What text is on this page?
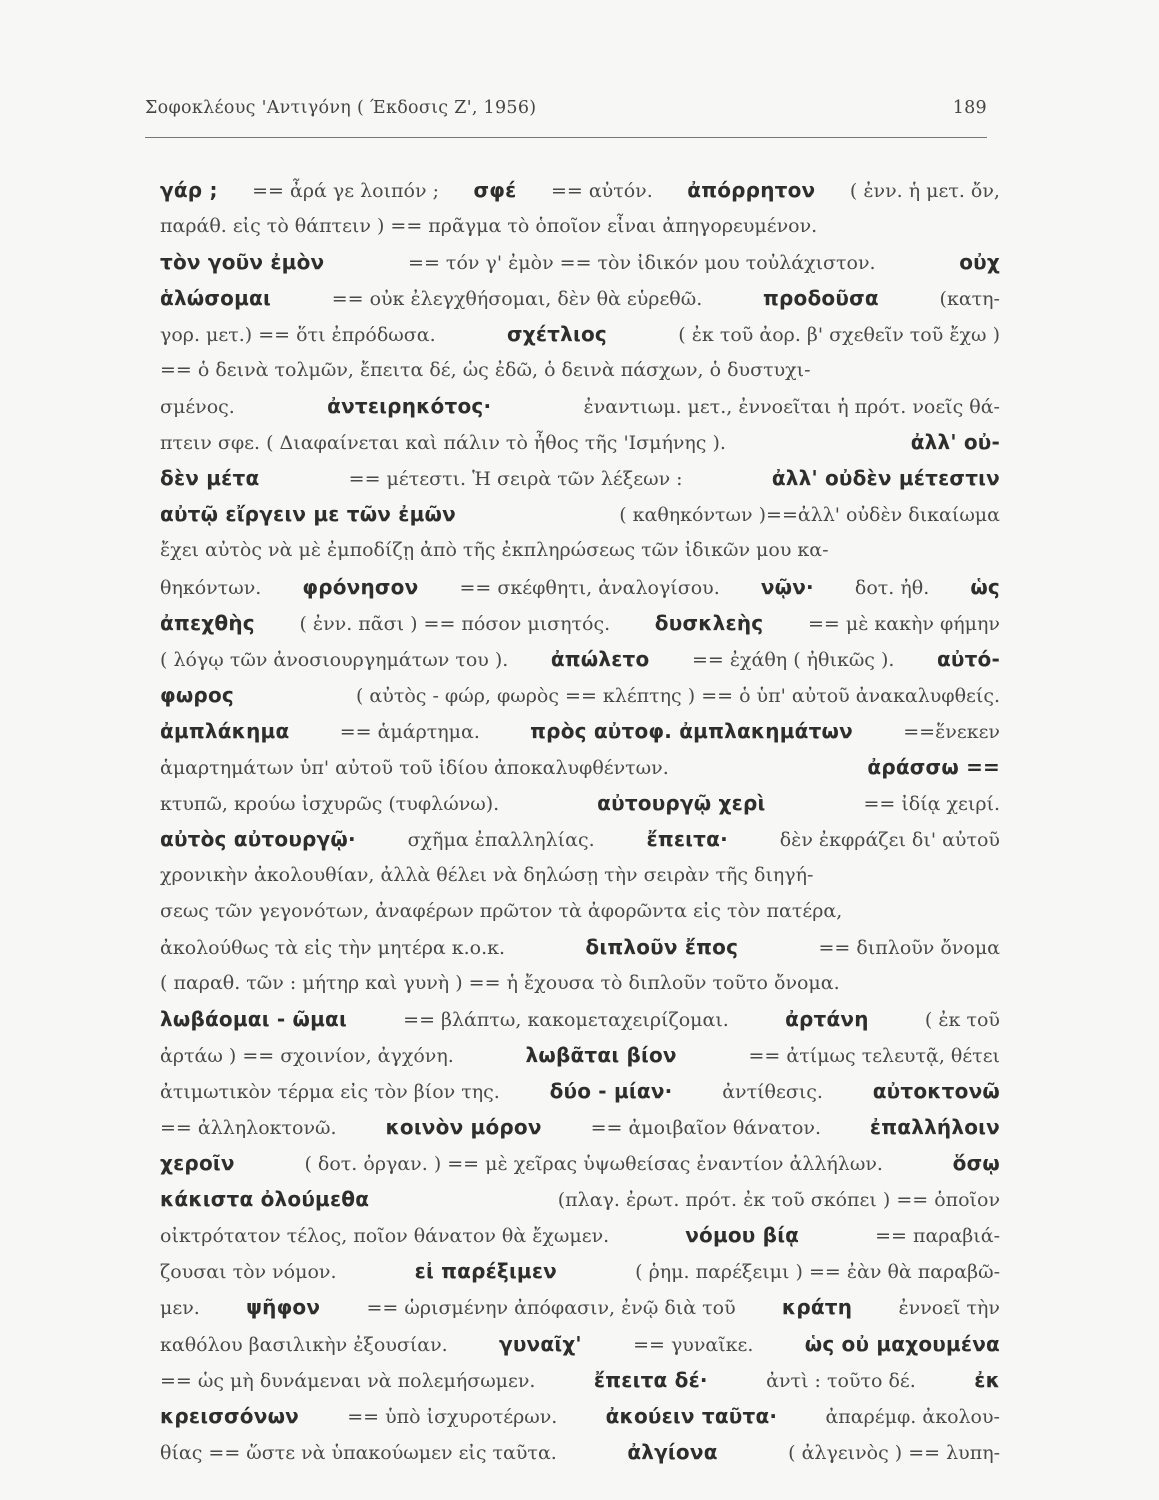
Σοφοκλέους 'Αντιγόνη ( Έκδοσις Ζ', 1956)	189
γάρ ; == ἆρά γε λοιπόν ; σφέ == αὐτόν. ἀπόρρητον ( ἐνν. ἡ μετ. ὄν,
παράθ. εἰς τὸ θάπτειν ) == πρᾶγμα τὸ ὁποῖον εἶναι ἀπηγορευμένον.
τὸν γοῦν ἐμὸν	== τόν γ' ἐμὸν == τὸν ἰδικόν μου τοὐλάχιστον.	οὐχ
ἁλώσομαι	== οὐκ ἐλεγχθήσομαι, δὲν θὰ εὑρεθῶ.	προδοῦσα	(κατη-
γορ. μετ.) == ὅτι ἐπρόδωσα.	σχέτλιος	( ἐκ τοῦ ἀορ. β' σχεθεῖν τοῦ ἔχω )
== ὁ δεινὰ τολμῶν, ἔπειτα δέ, ὡς ἐδῶ, ὁ δεινὰ πάσχων, ὁ δυστυχι-
σμένος.	ἀντειρηκότος·	ἐναντιωμ. μετ., ἐννοεῖται ἡ πρότ. νοεῖς θά-
πτειν σφε. ( Διαφαίνεται καὶ πάλιν τὸ ἦθος τῆς 'Ισμήνης ).	ἀλλ' οὐ-
δὲν μέτα	== μέτεστι. Ἡ σειρὰ τῶν λέξεων :	ἀλλ' οὐδὲν μέτεστιν
αὐτῷ εἴργειν με τῶν ἐμῶν	( καθηκόντων )==ἀλλ' οὐδὲν δικαίωμα
ἔχει αὐτὸς νὰ μὲ ἐμποδίζῃ ἀπὸ τῆς ἐκπληρώσεως τῶν ἰδικῶν μου κα-
θηκόντων. φρόνησον == σκέφθητι, ἀναλογίσου. νῷν· δοτ. ἠθ. ὡς
ἀπεχθὴς ( ἐνν. πᾶσι ) == πόσον μισητός. δυσκλεὴς == μὲ κακὴν φήμην
( λόγῳ τῶν ἀνοσιουργημάτων του ). ἀπώλετο == ἐχάθη ( ἠθικῶς ). αὐτό-
φωρος	( αὐτὸς - φώρ, φωρὸς == κλέπτης ) == ὁ ὑπ' αὐτοῦ ἀνακαλυφθείς.
ἀμπλάκημα	== ἁμάρτημα.	πρὸς αὐτοφ. ἀμπλακημάτων	==ἕνεκεν
ἁμαρτημάτων ὑπ' αὐτοῦ τοῦ ἰδίου ἀποκαλυφθέντων.	ἀράσσω ==
κτυπῶ, κρούω ἰσχυρῶς (τυφλώνω).	αὐτουργῷ χερὶ	== ἰδίᾳ χειρί.
αὐτὸς αὐτουργῷ·	σχῆμα ἐπαλληλίας.	ἔπειτα·	δὲν ἐκφράζει δι' αὐτοῦ
χρονικὴν ἀκολουθίαν, ἀλλὰ θέλει νὰ δηλώσῃ τὴν σειρὰν τῆς διηγή-
σεως τῶν γεγονότων, ἀναφέρων πρῶτον τὰ ἀφορῶντα εἰς τὸν πατέρα,
ἀκολούθως τὰ εἰς τὴν μητέρα κ.ο.κ.	διπλοῦν ἔπος	== διπλοῦν ὄνομα
( παραθ. τῶν : μήτηρ καὶ γυνὴ ) == ἡ ἔχουσα τὸ διπλοῦν τοῦτο ὄνομα.
λωβάομαι - ῶμαι	== βλάπτω, κακομεταχειρίζομαι.	ἀρτάνη	( ἐκ τοῦ
ἀρτάω ) == σχοινίον, ἀγχόνη.	λωβᾶται βίον	== ἀτίμως τελευτᾷ, θέτει
ἀτιμωτικὸν τέρμα εἰς τὸν βίον της. δύο - μίαν·	ἀντίθεσις. αὐτοκτονῶ
== ἀλληλοκτονῶ. κοινὸν μόρον	== ἀμοιβαῖον θάνατον. ἐπαλλήλοιν
χεροῖν	( δοτ. ὀργαν. ) == μὲ χεῖρας ὑψωθείσας ἐναντίον ἀλλήλων.	ὅσῳ
κάκιστα ὀλούμεθα	(πλαγ. ἐρωτ. πρότ. ἐκ τοῦ σκόπει ) == ὁποῖον
οἰκτρότατον τέλος, ποῖον θάνατον θὰ ἔχωμεν.	νόμου βίᾳ	== παραβιά-
ζουσαι τὸν νόμον.	εἰ παρέξιμεν	( ῥημ. παρέξειμι ) == ἐὰν θὰ παραβῶ-
μεν. ψῆφον == ὡρισμένην ἀπόφασιν, ἐνῷ διὰ τοῦ κράτη ἐννοεῖ τὴν
καθόλου βασιλικὴν ἐξουσίαν.	γυναῖχ'	== γυναῖκε.	ὡς οὐ μαχουμένα
== ὡς μὴ δυνάμεναι νὰ πολεμήσωμεν.	ἔπειτα δέ·	ἀντὶ : τοῦτο δέ.	ἐκ
κρεισσόνων	== ὑπὸ ἰσχυροτέρων. ἀκούειν ταῦτα·	ἀπαρέμφ. ἀκολου-
θίας == ὥστε νὰ ὑπακούωμεν εἰς ταῦτα.	ἀλγίονα	( ἀλγεινὸς ) == λυπη-
